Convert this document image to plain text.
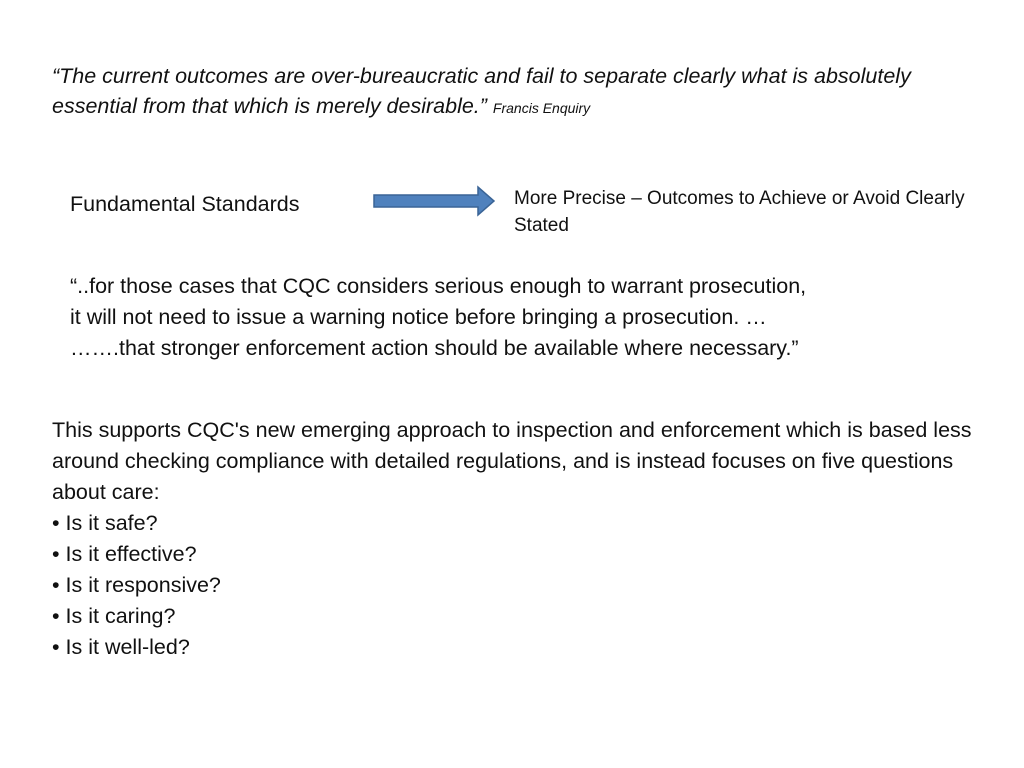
“The current outcomes are over-bureaucratic and fail to separate clearly what is absolutely essential from that which is merely desirable.” Francis Enquiry
Fundamental Standards	More Precise – Outcomes to Achieve or Avoid Clearly Stated
“..for those cases that CQC considers serious enough to warrant prosecution,
it will not need to issue a warning notice before bringing a prosecution. …
…….that stronger enforcement action should be available where necessary.”
This supports CQC's new emerging approach to inspection and enforcement which is based less around checking compliance with detailed regulations, and is instead focuses on five questions about care:
• Is it safe?
• Is it effective?
• Is it responsive?
• Is it caring?
• Is it well-led?
